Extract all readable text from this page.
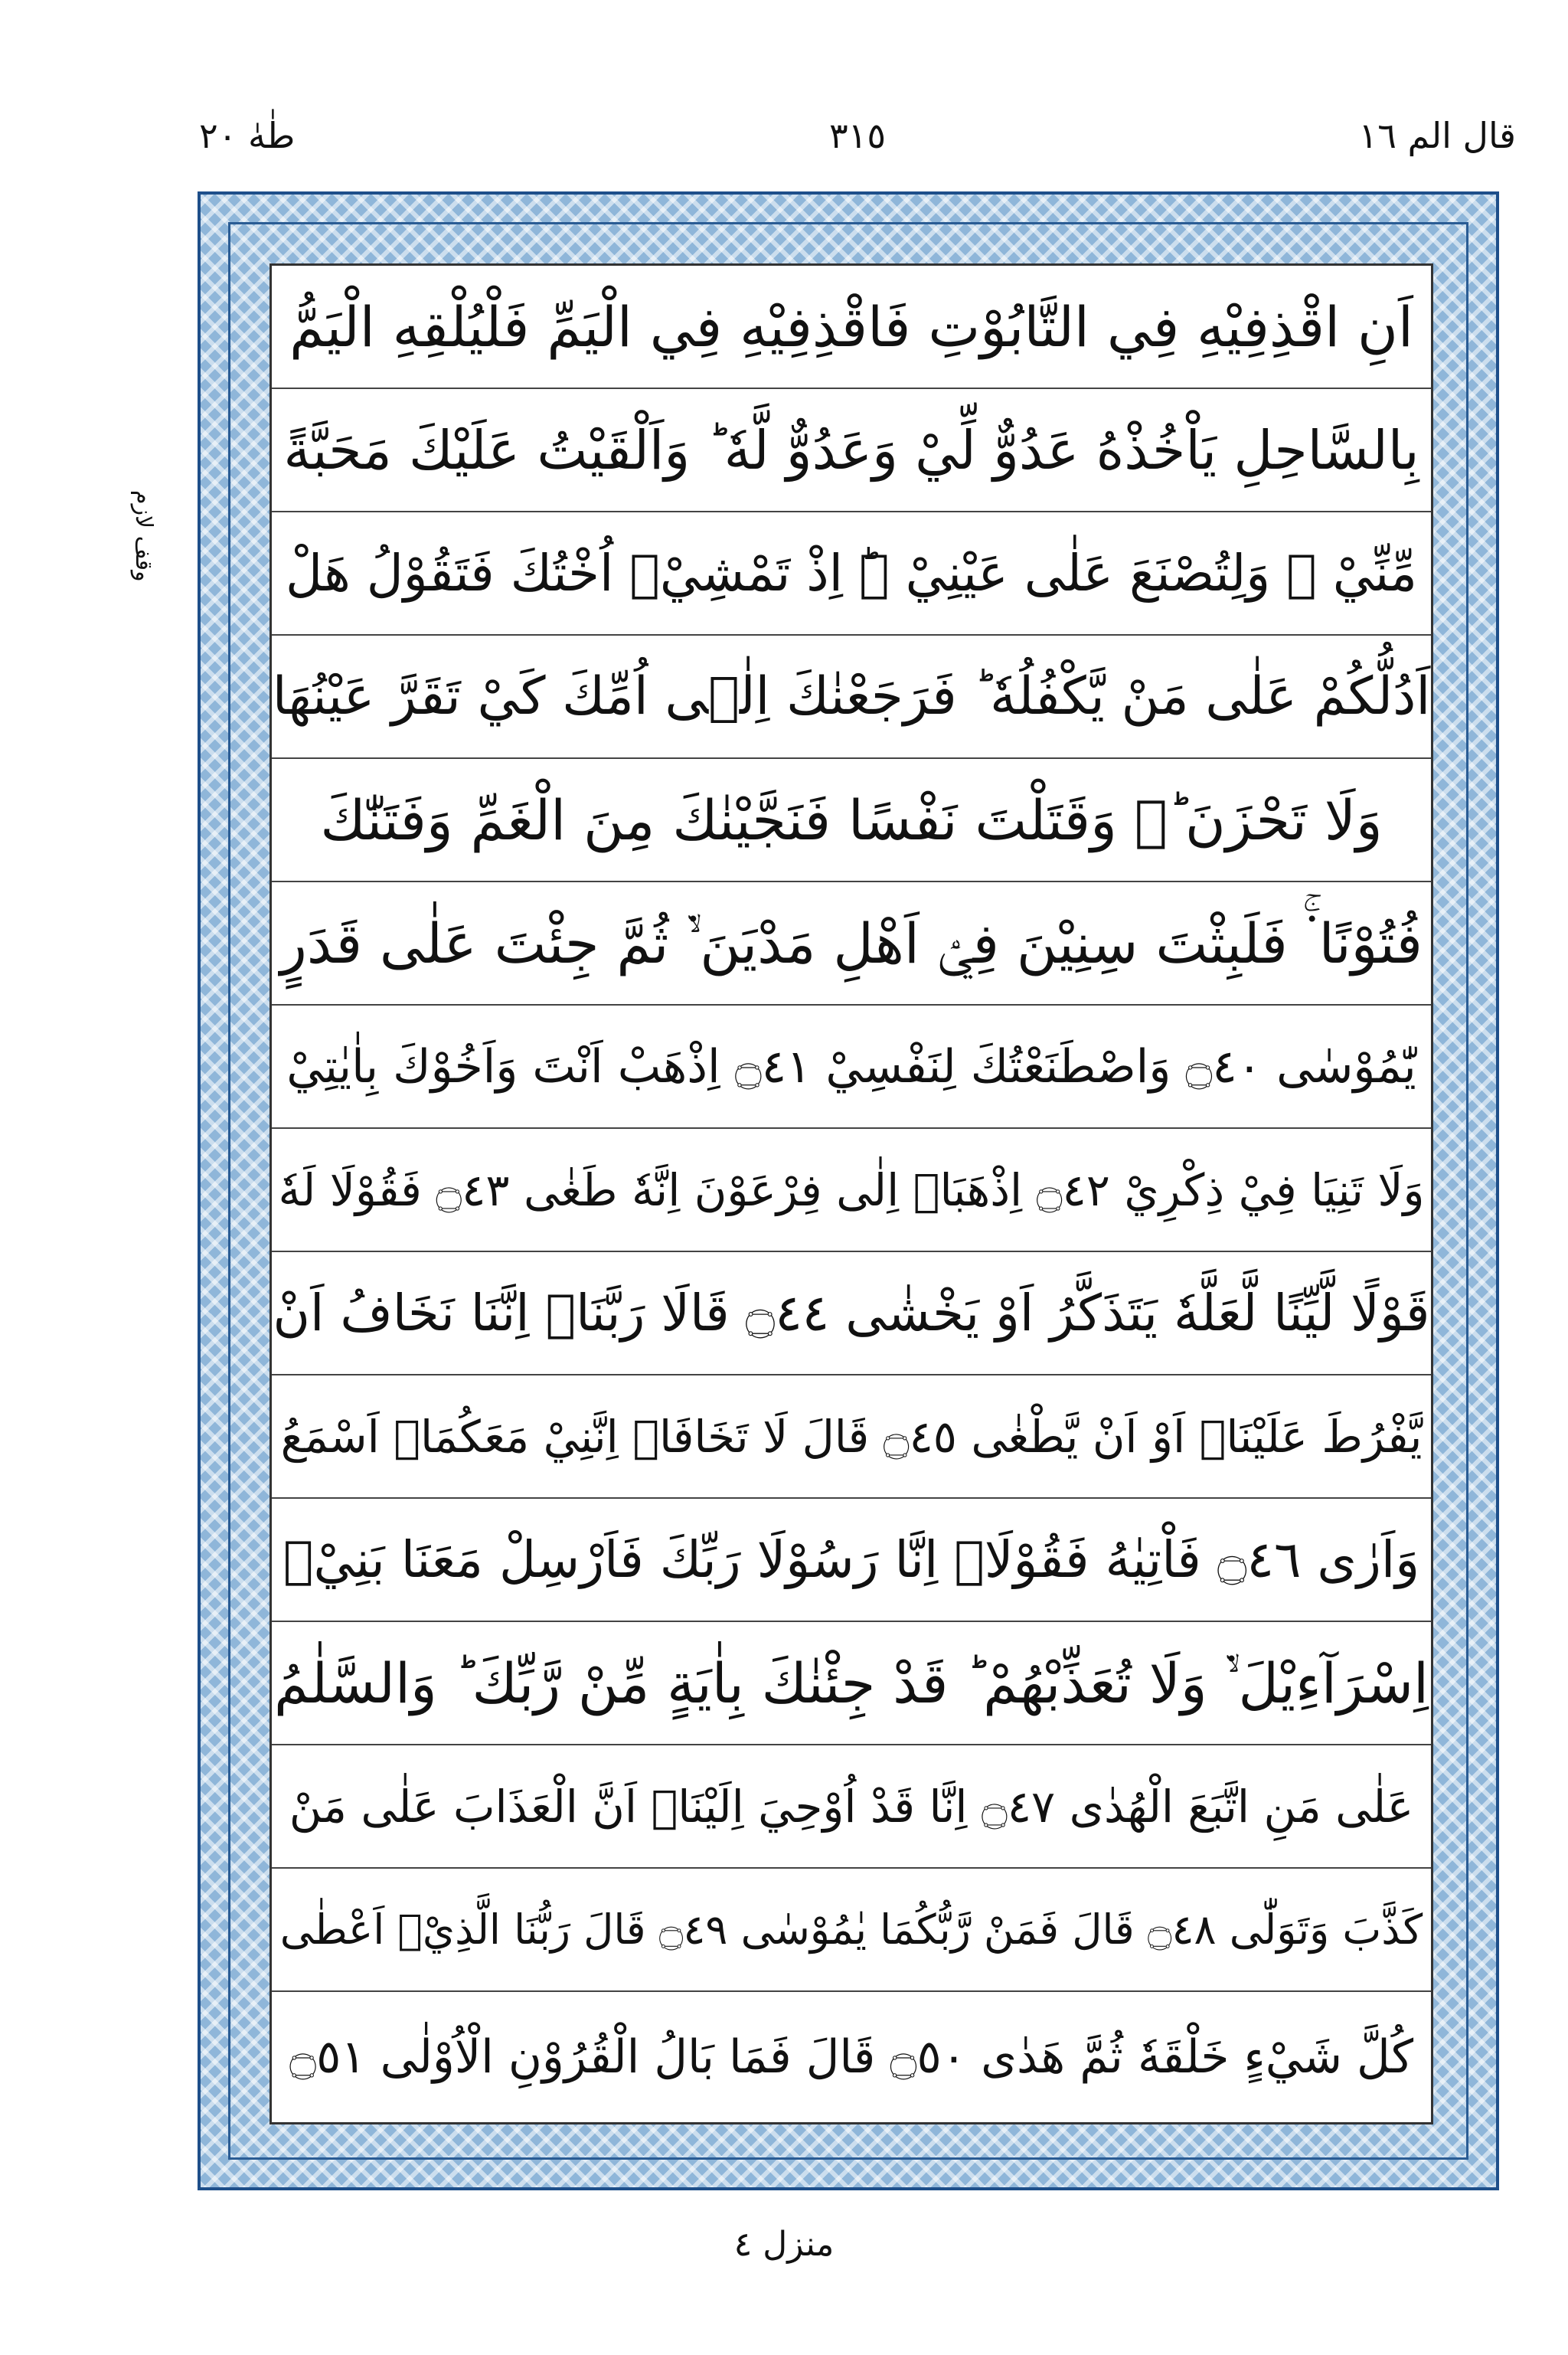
طٰهٰ ٢٠	٣١٥	قال الم ١٦
وقف لازم
اَنِ اقْذِفِيْهِ فِي التَّابُوْتِ فَاقْذِفِيْهِ فِي الْيَمِّ فَلْيُلْقِهِ الْيَمُّ
بِالسَّاحِلِ يَاْخُذْهُ عَدُوٌّ لِّيْ وَعَدُوٌّ لَّهٗ ؕ وَاَلْقَيْتُ عَلَيْكَ مَحَبَّةً
مِّنِّيْ ۚ وَلِتُصْنَعَ عَلٰى عَيْنِيْ ۟ؕ اِذْ تَمْشِيْۤ اُخْتُكَ فَتَقُوْلُ هَلْ
اَدُلُّكُمْ عَلٰى مَنْ يَّكْفُلُهٗ ؕ فَرَجَعْنٰكَ اِلٰۤى اُمِّكَ كَيْ تَقَرَّ عَيْنُهَا
وَلَا تَحْزَنَ ؕ۬ وَقَتَلْتَ نَفْسًا فَنَجَّيْنٰكَ مِنَ الْغَمِّ وَفَتَنّٰكَ
فُتُوْنًا ۬ۚ فَلَبِثْتَ سِنِيْنَ فِيْۤ اَهْلِ مَدْيَنَ ۙ۬ ثُمَّ جِئْتَ عَلٰى قَدَرٍ
يّٰمُوْسٰى ۝٤٠ وَاصْطَنَعْتُكَ لِنَفْسِيْ ۝٤١ اِذْهَبْ اَنْتَ وَاَخُوْكَ بِاٰيٰتِيْ
وَلَا تَنِيَا فِيْ ذِكْرِيْ ۝٤٢ اِذْهَبَاۤ اِلٰى فِرْعَوْنَ اِنَّهٗ طَغٰى ۝٤٣ فَقُوْلَا لَهٗ
قَوْلًا لَّيِّنًا لَّعَلَّهٗ يَتَذَكَّرُ اَوْ يَخْشٰى ۝٤٤ قَالَا رَبَّنَاۤ اِنَّنَا نَخَافُ اَنْ
يَّفْرُطَ عَلَيْنَاۤ اَوْ اَنْ يَّطْغٰى ۝٤٥ قَالَ لَا تَخَافَاۤ اِنَّنِيْ مَعَكُمَاۤ اَسْمَعُ
وَاَرٰى ۝٤٦ فَاْتِيٰهُ فَقُوْلَاۤ اِنَّا رَسُوْلَا رَبِّكَ فَاَرْسِلْ مَعَنَا بَنِيْۤ
اِسْرَآءِيْلَ ۙ۬ وَلَا تُعَذِّبْهُمْ ؕ قَدْ جِئْنٰكَ بِاٰيَةٍ مِّنْ رَّبِّكَ ؕ وَالسَّلٰمُ
عَلٰى مَنِ اتَّبَعَ الْهُدٰى ۝٤٧ اِنَّا قَدْ اُوْحِيَ اِلَيْنَاۤ اَنَّ الْعَذَابَ عَلٰى مَنْ
كَذَّبَ وَتَوَلّٰى ۝٤٨ قَالَ فَمَنْ رَّبُّكُمَا يٰمُوْسٰى ۝٤٩ قَالَ رَبُّنَا الَّذِيْۤ اَعْطٰى
كُلَّ شَيْءٍ خَلْقَهٗ ثُمَّ هَدٰى ۝٥٠ قَالَ فَمَا بَالُ الْقُرُوْنِ الْاُوْلٰى ۝٥١
منزل ٤
